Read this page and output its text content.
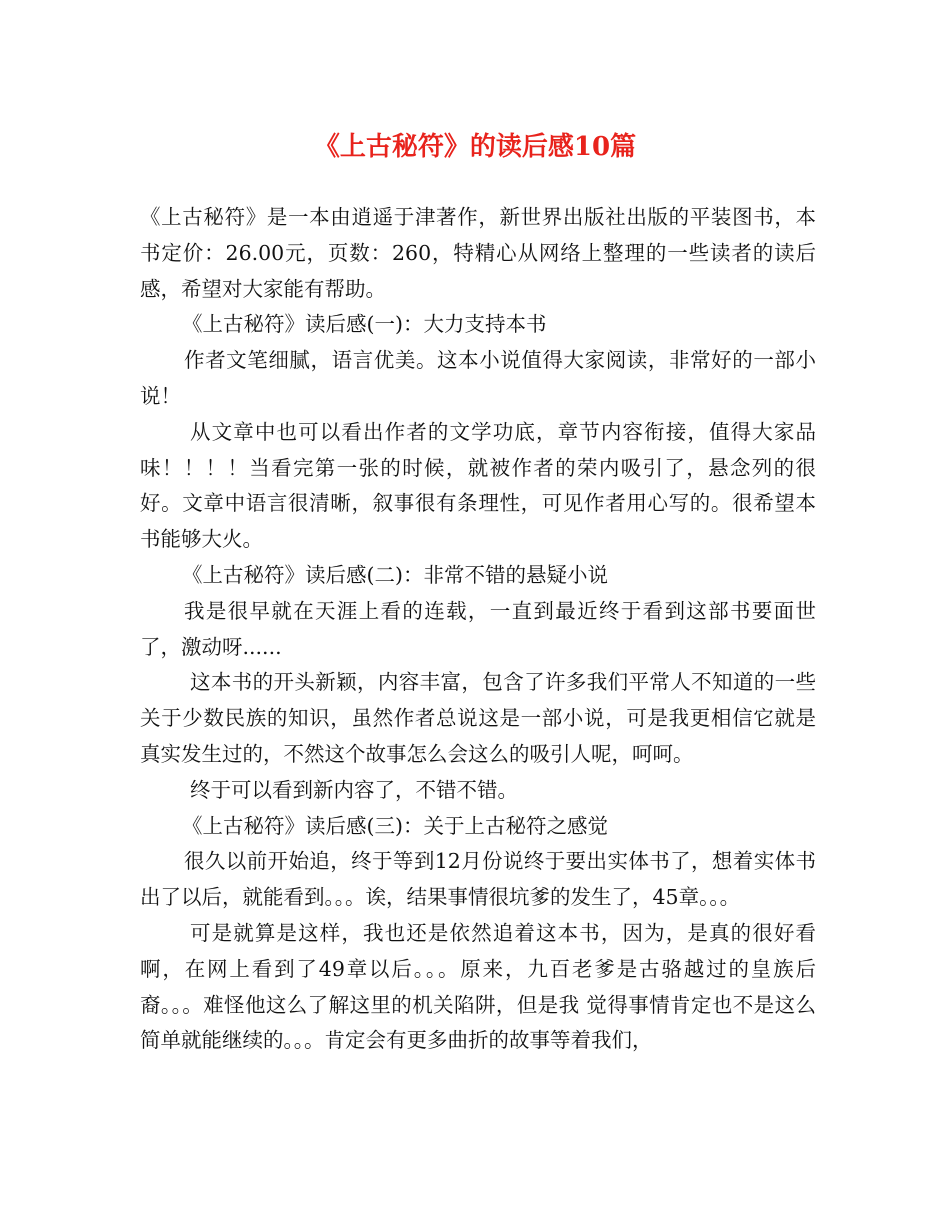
《上古秘符》的读后感10篇

《上古秘符》是一本由逍遥于津著作，新世界出版社出版的平装图书，本书定价：26.00元，页数：260，特精心从网络上整理的一些读者的读后感，希望对大家能有帮助。

《上古秘符》读后感(一)：大力支持本书

作者文笔细腻，语言优美。这本小说值得大家阅读，非常好的一部小说！

从文章中也可以看出作者的文学功底，章节内容衔接，值得大家品味！！！！当看完第一张的时候，就被作者的荣内吸引了，悬念列的很好。文章中语言很清晰，叙事很有条理性，可见作者用心写的。很希望本书能够大火。

《上古秘符》读后感(二)：非常不错的悬疑小说

我是很早就在天涯上看的连载，一直到最近终于看到这部书要面世了，激动呀......

这本书的开头新颖，内容丰富，包含了许多我们平常人不知道的一些关于少数民族的知识，虽然作者总说这是一部小说，可是我更相信它就是真实发生过的，不然这个故事怎么会这么的吸引人呢，呵呵。

终于可以看到新内容了，不错不错。

《上古秘符》读后感(三)：关于上古秘符之感觉

很久以前开始追，终于等到12月份说终于要出实体书了，想着实体书出了以后，就能看到。。。诶，结果事情很坑爹的发生了，45章。。。

可是就算是这样，我也还是依然追着这本书，因为，是真的很好看啊，在网上看到了49章以后。。。原来，九百老爹是古骆越过的皇族后裔。。。难怪他这么了解这里的机关陷阱，但是我 觉得事情肯定也不是这么简单就能继续的。。。肯定会有更多曲折的故事等着我们，
